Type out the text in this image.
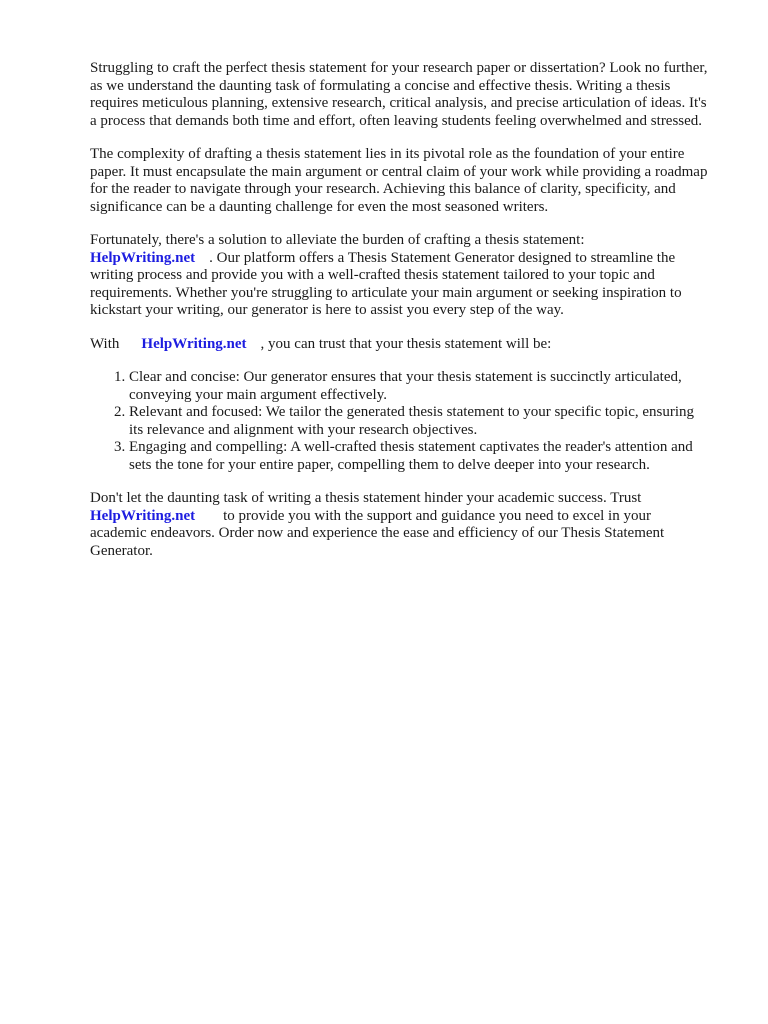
Struggling to craft the perfect thesis statement for your research paper or dissertation? Look no further, as we understand the daunting task of formulating a concise and effective thesis. Writing a thesis requires meticulous planning, extensive research, critical analysis, and precise articulation of ideas. It's a process that demands both time and effort, often leaving students feeling overwhelmed and stressed.

The complexity of drafting a thesis statement lies in its pivotal role as the foundation of your entire paper. It must encapsulate the main argument or central claim of your work while providing a roadmap for the reader to navigate through your research. Achieving this balance of clarity, specificity, and significance can be a daunting challenge for even the most seasoned writers.

Fortunately, there's a solution to alleviate the burden of crafting a thesis statement:
HelpWriting.net . Our platform offers a Thesis Statement Generator designed to streamline the writing process and provide you with a well-crafted thesis statement tailored to your topic and requirements. Whether you're struggling to articulate your main argument or seeking inspiration to kickstart your writing, our generator is here to assist you every step of the way.

With HelpWriting.net , you can trust that your thesis statement will be:

1. Clear and concise: Our generator ensures that your thesis statement is succinctly articulated, conveying your main argument effectively.
2. Relevant and focused: We tailor the generated thesis statement to your specific topic, ensuring its relevance and alignment with your research objectives.
3. Engaging and compelling: A well-crafted thesis statement captivates the reader's attention and sets the tone for your entire paper, compelling them to delve deeper into your research.

Don't let the daunting task of writing a thesis statement hinder your academic success. Trust
HelpWriting.net to provide you with the support and guidance you need to excel in your academic endeavors. Order now and experience the ease and efficiency of our Thesis Statement Generator.
